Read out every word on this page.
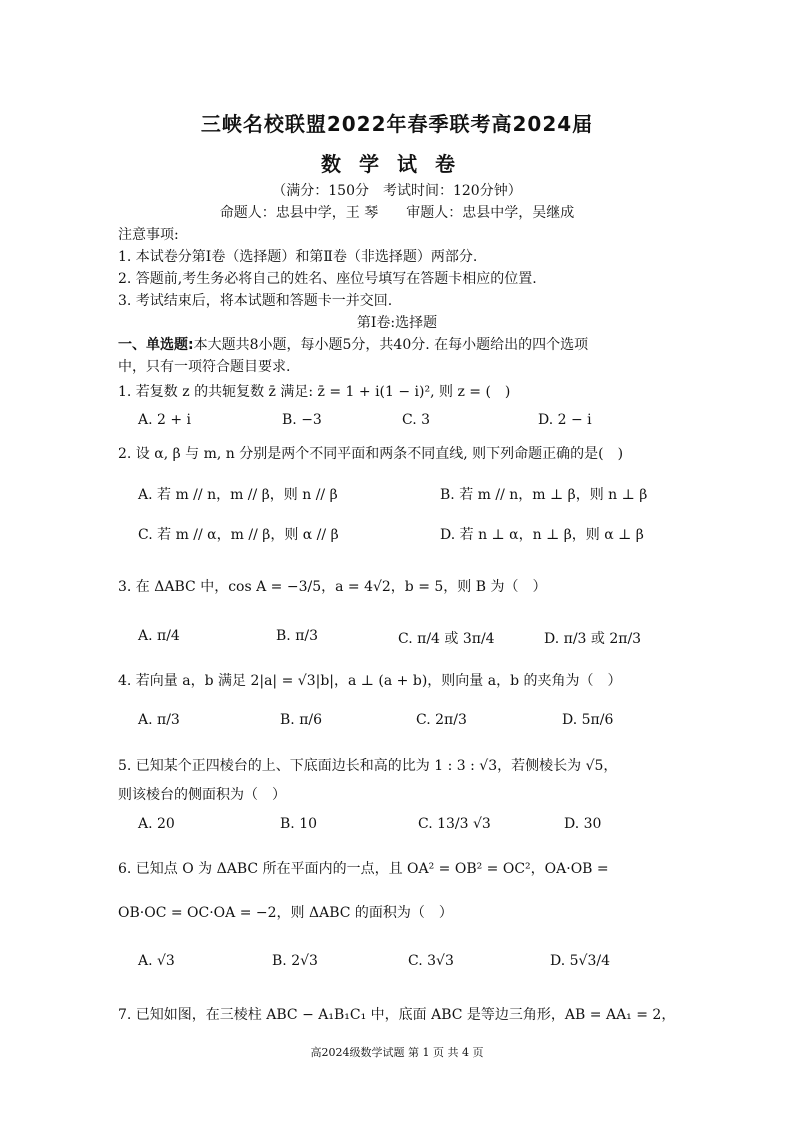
三峡名校联盟2022年春季联考高2024届
数学试卷
（满分：150分　考试时间：120分钟）
命题人：忠县中学，王 琴　　审题人：忠县中学，吴继成
注意事项:
1. 本试卷分第Ⅰ卷（选择题）和第Ⅱ卷（非选择题）两部分.
2. 答题前,考生务必将自己的姓名、座位号填写在答题卡相应的位置.
3. 考试结束后，将本试题和答题卡一并交回.
第Ⅰ卷:选择题
一、单选题:本大题共8小题，每小题5分，共40分. 在每小题给出的四个选项
中，只有一项符合题目要求.
1. 若复数 z 的共轭复数 z̄ 满足: z̄ = 1 + i(1 − i)², 则 z = (　)
A. 2 + i	B. −3	C. 3	D. 2 − i
2. 设 α, β 与 m, n 分别是两个不同平面和两条不同直线, 则下列命题正确的是(　)
A. 若 m // n，m // β，则 n // β	B. 若 m // n，m ⊥ β，则 n ⊥ β
C. 若 m // α，m // β，则 α // β	D. 若 n ⊥ α，n ⊥ β，则 α ⊥ β
3. 在 ΔABC 中，cos A = −3/5，a = 4√2，b = 5，则 B 为（　）
A. π/4	B. π/3	C. π/4 或 3π/4	D. π/3 或 2π/3
4. 若向量 a，b 满足 2|a| = √3|b|，a ⊥ (a + b)，则向量 a，b 的夹角为（　）
A. π/3	B. π/6	C. 2π/3	D. 5π/6
5. 已知某个正四棱台的上、下底面边长和高的比为 1 : 3 : √3，若侧棱长为 √5，
则该棱台的侧面积为（　）
A. 20	B. 10	C. 13/3 √3	D. 30
6. 已知点 O 为 ΔABC 所在平面内的一点，且 OA² = OB² = OC²，OA·OB =
OB·OC = OC·OA = −2，则 ΔABC 的面积为（　）
A. √3	B. 2√3	C. 3√3	D. 5√3/4
7. 已知如图，在三棱柱 ABC − A₁B₁C₁ 中，底面 ABC 是等边三角形，AB = AA₁ = 2，
高2024级数学试题 第 1 页 共 4 页
